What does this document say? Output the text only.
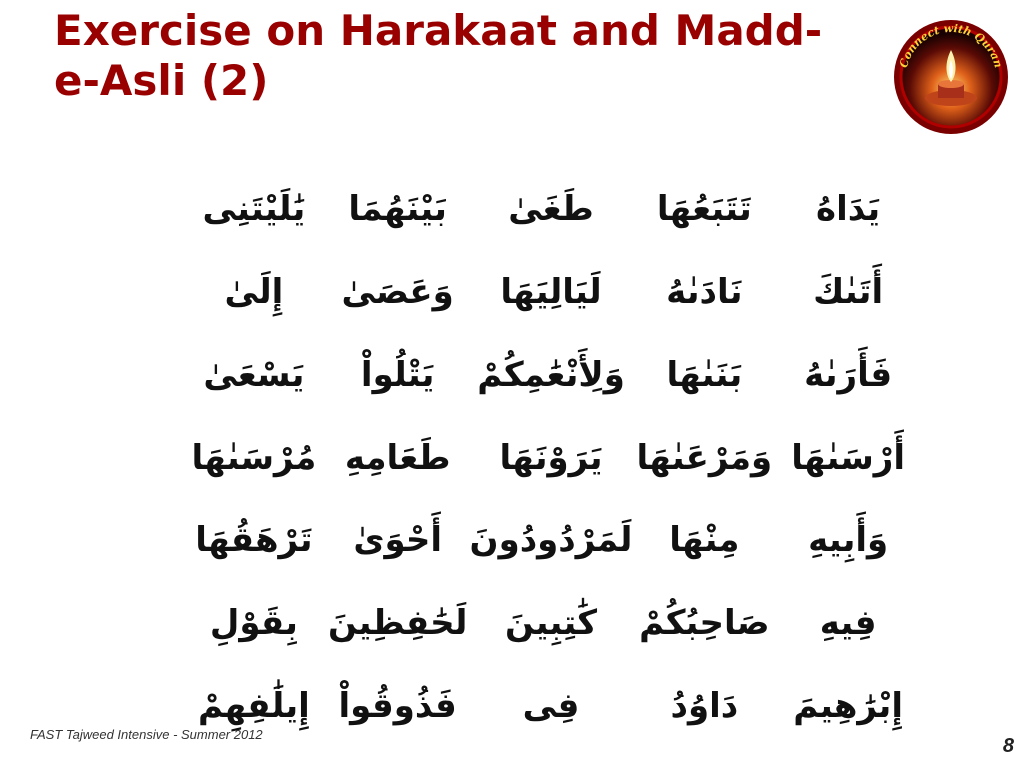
Exercise on Harakaat and Madd-
e-Asli (2)	Connect with Quran
يَدَاهُ
تَتَبَعُهَا
طَغَىٰ
بَيْنَهُمَا
يَٰلَيْتَنِى
أَتَىٰكَ
نَادَىٰهُ
لَيَالِيَهَا
وَعَصَىٰ
إِلَىٰ
فَأَرَىٰهُ
بَنَىٰهَا
وَلِأَنْعَٰمِكُمْ
يَتْلُواْ
يَسْعَىٰ
أَرْسَىٰهَا
وَمَرْعَىٰهَا
يَرَوْنَهَا
طَعَامِهِ
مُرْسَىٰهَا
وَأَبِيهِ
مِنْهَا
لَمَرْدُودُونَ
أَحْوَىٰ
تَرْهَقُهَا
فِيهِ
صَاحِبُكُمْ
كَٰتِبِينَ
لَحَٰفِظِينَ
بِقَوْلِ
إِبْرَٰهِيمَ
دَاوُدُ
فِى
فَذُوقُواْ
إِيلَٰفِهِمْ
FAST Tajweed Intensive - Summer 2012
8
